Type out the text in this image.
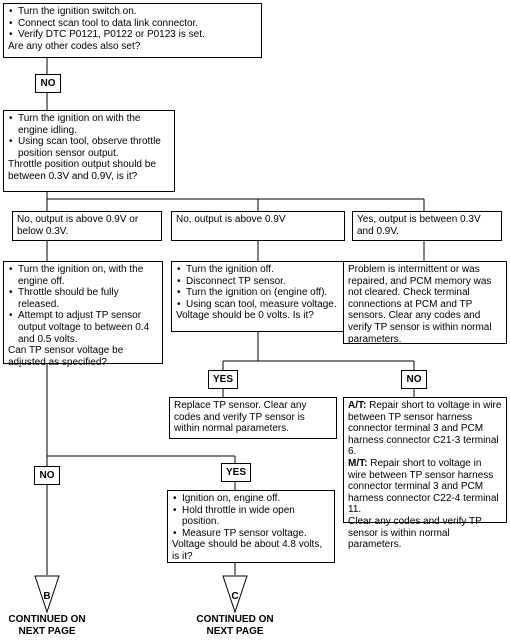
B	C
• Turn the ignition switch on.
• Connect scan tool to data link connector.
• Verify DTC P0121, P0122 or P0123 is set.

Are any other codes also set?

NO
• Turn the ignition on with the engine idling.
• Using scan tool, observe throttle position sensor output.

Throttle position output should be between 0.3V and 0.9V, is it?

No, output is above 0.9V or below 0.3V.

No, output is above 0.9V	Yes, output is between 0.3V and 0.9V.

• Turn the ignition on, with the engine off.
• Throttle should be fully released.
• Attempt to adjust TP sensor output voltage to between 0.4 and 0.5 volts.

Can TP sensor voltage be adjusted as specified?

• Turn the ignition off.
• Disconnect TP sensor.
• Turn the ignition on (engine off).
• Using scan tool, measure voltage.

Voltage should be 0 volts. Is it?

Problem is intermittent or was repaired, and PCM memory was not cleared. Check terminal connections at PCM and TP sensors. Clear any codes and verify TP sensor is within normal parameters.

YES	NO

Replace TP sensor. Clear any codes and verify TP sensor is within normal parameters.

A/T: Repair short to voltage in wire between TP sensor harness connector terminal 3 and PCM harness connector C21-3 terminal 6.

M/T: Repair short to voltage in wire between TP sensor harness connector terminal 3 and PCM harness connector C22-4 terminal 11.

Clear any codes and verify TP sensor is within normal parameters.

NO	YES
• Ignition on, engine off.
• Hold throttle in wide open position.
• Measure TP sensor voltage.

Voltage should be about 4.8 volts, is it?

CONTINUED ON NEXT PAGE
CONTINUED ON NEXT PAGE
